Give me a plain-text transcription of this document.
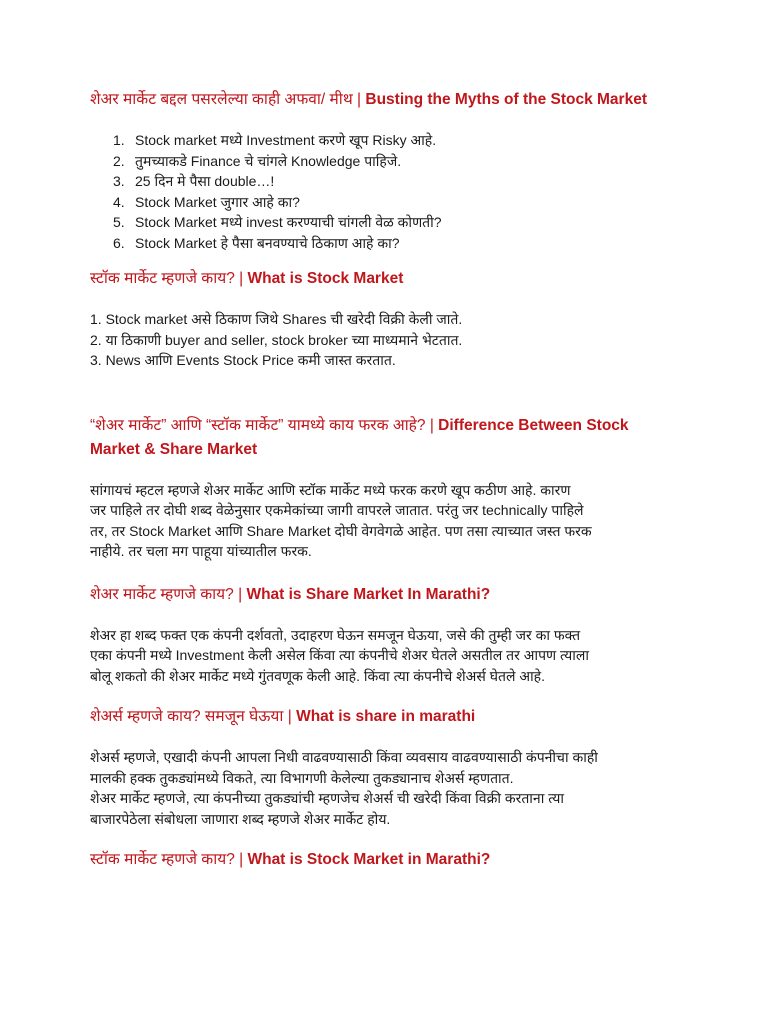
शेअर मार्केट बद्दल पसरलेल्या काही अफवा/ मीथ | Busting the Myths of the Stock Market
1. Stock market मध्ये Investment करणे खूप Risky आहे.
2. तुमच्याकडे Finance चे चांगले Knowledge पाहिजे.
3. 25 दिन मे पैसा double…!
4. Stock Market जुगार आहे का?
5. Stock Market मध्ये invest करण्याची चांगली वेळ कोणती?
6. Stock Market हे पैसा बनवण्याचे ठिकाण आहे का?
स्टॉक मार्केट म्हणजे काय? | What is Stock Market
1. Stock market असे ठिकाण जिथे Shares ची खरेदी विक्री केली जाते.
2. या ठिकाणी buyer and seller, stock broker च्या माध्यमाने भेटतात.
3. News आणि Events Stock Price कमी जास्त करतात.
“शेअर मार्केट” आणि “स्टॉक मार्केट” यामध्ये काय फरक आहे? | Difference Between Stock Market & Share Market
सांगायचं म्हटल म्हणजे शेअर मार्केट आणि स्टॉक मार्केट मध्ये फरक करणे खूप कठीण आहे. कारण
जर पाहिले तर दोघी शब्द वेळेनुसार एकमेकांच्या जागी वापरले जातात. परंतु जर technically पाहिले
तर, तर Stock Market आणि Share Market दोघी वेगवेगळे आहेत. पण तसा त्याच्यात जस्त फरक
नाहीये. तर चला मग पाहूया यांच्यातील फरक.
शेअर मार्केट म्हणजे काय? | What is Share Market In Marathi?
शेअर हा शब्द फक्त एक कंपनी दर्शवतो, उदाहरण घेऊन समजून घेऊया, जसे की तुम्ही जर का फक्त
एका कंपनी मध्ये Investment केली असेल किंवा त्या कंपनीचे शेअर घेतले असतील तर आपण त्याला
बोलू शकतो की शेअर मार्केट मध्ये गुंतवणूक केली आहे. किंवा त्या कंपनीचे शेअर्स घेतले आहे.
शेअर्स म्हणजे काय? समजून घेऊया | What is share in marathi
शेअर्स म्हणजे, एखादी कंपनी आपला निधी वाढवण्यासाठी किंवा व्यवसाय वाढवण्यासाठी कंपनीचा काही
मालकी हक्क तुकड्यांमध्ये विकते, त्या विभागणी केलेल्या तुकड्यानाच शेअर्स म्हणतात.
शेअर मार्केट म्हणजे, त्या कंपनीच्या तुकड्यांची म्हणजेच शेअर्स ची खरेदी किंवा विक्री करताना त्या
बाजारपेठेला संबोधला जाणारा शब्द म्हणजे शेअर मार्केट होय.
स्टॉक मार्केट म्हणजे काय? | What is Stock Market in Marathi?
